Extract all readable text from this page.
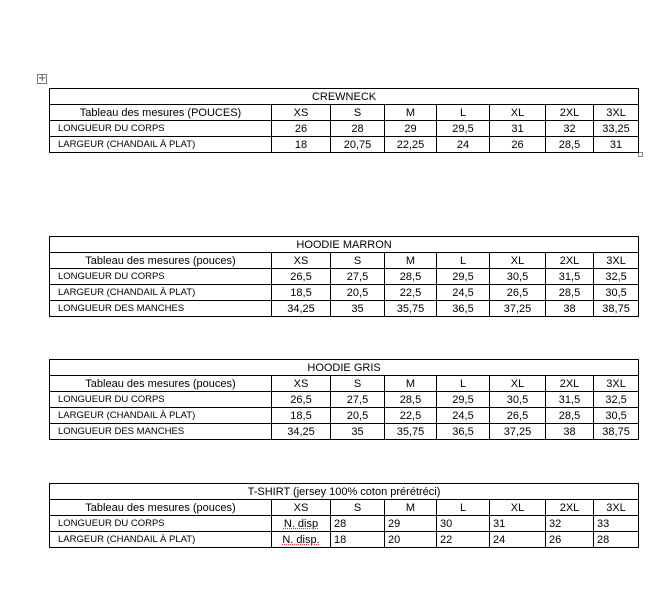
+
CREWNECK							
Tableau des mesures (POUCES)	XS	S	M	L	XL	2XL	3XL
LONGUEUR DU CORPS	26	28	29	29,5	31	32	33,25
LARGEUR (CHANDAIL À PLAT)	18	20,75	22,25	24	26	28,5	31
HOODIE MARRON							
Tableau des mesures (pouces)	XS	S	M	L	XL	2XL	3XL
LONGUEUR DU CORPS	26,5	27,5	28,5	29,5	30,5	31,5	32,5
LARGEUR (CHANDAIL À PLAT)	18,5	20,5	22,5	24,5	26,5	28,5	30,5
LONGUEUR DES MANCHES	34,25	35	35,75	36,5	37,25	38	38,75
HOODIE GRIS							
Tableau des mesures (pouces)	XS	S	M	L	XL	2XL	3XL
LONGUEUR DU CORPS	26,5	27,5	28,5	29,5	30,5	31,5	32,5
LARGEUR (CHANDAIL À PLAT)	18,5	20,5	22,5	24,5	26,5	28,5	30,5
LONGUEUR DES MANCHES	34,25	35	35,75	36,5	37,25	38	38,75
T-SHIRT (jersey 100% coton prérétréci)							
Tableau des mesures (pouces)	XS	S	M	L	XL	2XL	3XL
LONGUEUR DU CORPS	N. disp	28	29	30	31	32	33
LARGEUR (CHANDAIL À PLAT)	N. disp.	18	20	22	24	26	28
